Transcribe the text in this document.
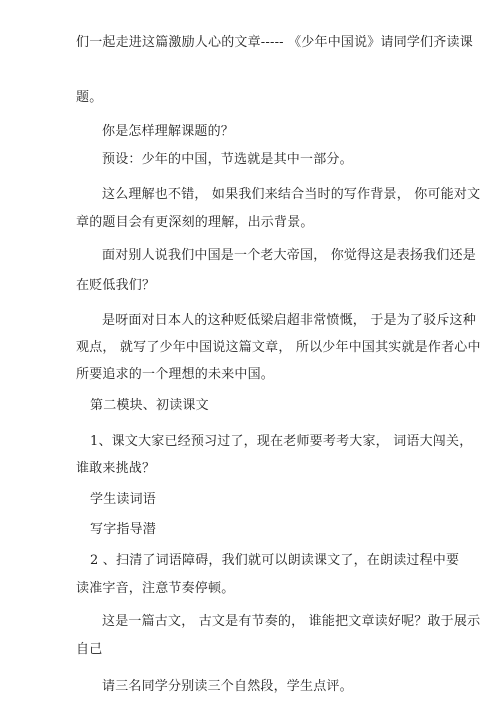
们一起走进这篇激励人心的文章----- 《少年中国说》请同学们齐读课
题。
你是怎样理解课题的？
预设：少年的中国，节选就是其中一部分。
这么理解也不错， 如果我们来结合当时的写作背景， 你可能对文
章的题目会有更深刻的理解，出示背景。
面对别人说我们中国是一个老大帝国， 你觉得这是表扬我们还是
在贬低我们？
是呀面对日本人的这种贬低梁启超非常愤慨， 于是为了驳斥这种
观点， 就写了少年中国说这篇文章， 所以少年中国其实就是作者心中
所要追求的一个理想的未来中国。
第二模块、初读课文
1、课文大家已经预习过了，现在老师要考考大家， 词语大闯关，
谁敢来挑战？
学生读词语
写字指导潜
2 、扫清了词语障碍，我们就可以朗读课文了，在朗读过程中要
读准字音，注意节奏停顿。
这是一篇古文， 古文是有节奏的， 谁能把文章读好呢？敢于展示
自己
请三名同学分别读三个自然段，学生点评。
